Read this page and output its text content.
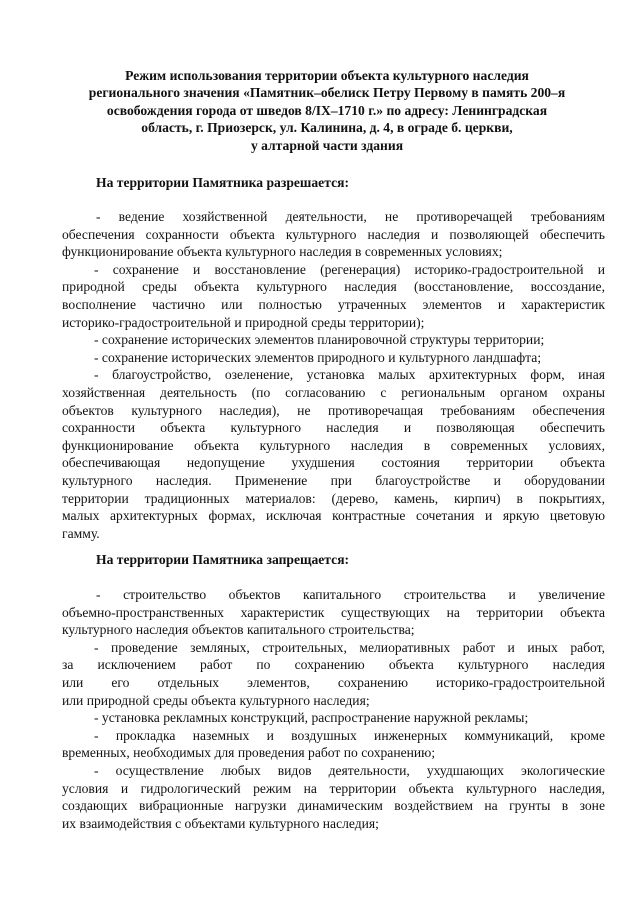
Режим использования территории объекта культурного наследия
регионального значения «Памятник–обелиск Петру Первому в память 200–я
освобождения города от шведов 8/IX–1710 г.» по адресу: Ленинградская
область, г. Приозерск, ул. Калинина, д. 4, в ограде б. церкви,
у алтарной части здания
На территории Памятника разрешается:
- ведение хозяйственной деятельности, не противоречащей требованиям
обеспечения сохранности объекта культурного наследия и позволяющей обеспечить
функционирование объекта культурного наследия в современных условиях;
- сохранение и восстановление (регенерация) историко-градостроительной и
природной среды объекта культурного наследия (восстановление, воссоздание,
восполнение частично или полностью утраченных элементов и характеристик
историко-градостроительной и природной среды территории);
- сохранение исторических элементов планировочной структуры территории;
- сохранение исторических элементов природного и культурного ландшафта;
- благоустройство, озеленение, установка малых архитектурных форм, иная
хозяйственная деятельность (по согласованию с региональным органом охраны
объектов культурного наследия), не противоречащая требованиям обеспечения
сохранности объекта культурного наследия и позволяющая обеспечить
функционирование объекта культурного наследия в современных условиях,
обеспечивающая недопущение ухудшения состояния территории объекта
культурного наследия. Применение при благоустройстве и оборудовании
территории традиционных материалов: (дерево, камень, кирпич) в покрытиях,
малых архитектурных формах, исключая контрастные сочетания и яркую цветовую
гамму.
На территории Памятника запрещается:
- строительство объектов капитального строительства и увеличение
объемно-пространственных характеристик существующих на территории объекта
культурного наследия объектов капитального строительства;
- проведение земляных, строительных, мелиоративных работ и иных работ,
за исключением работ по сохранению объекта культурного наследия
или его отдельных элементов, сохранению историко-градостроительной
или природной среды объекта культурного наследия;
- установка рекламных конструкций, распространение наружной рекламы;
- прокладка наземных и воздушных инженерных коммуникаций, кроме
временных, необходимых для проведения работ по сохранению;
- осуществление любых видов деятельности, ухудшающих экологические
условия и гидрологический режим на территории объекта культурного наследия,
создающих вибрационные нагрузки динамическим воздействием на грунты в зоне
их взаимодействия с объектами культурного наследия;
